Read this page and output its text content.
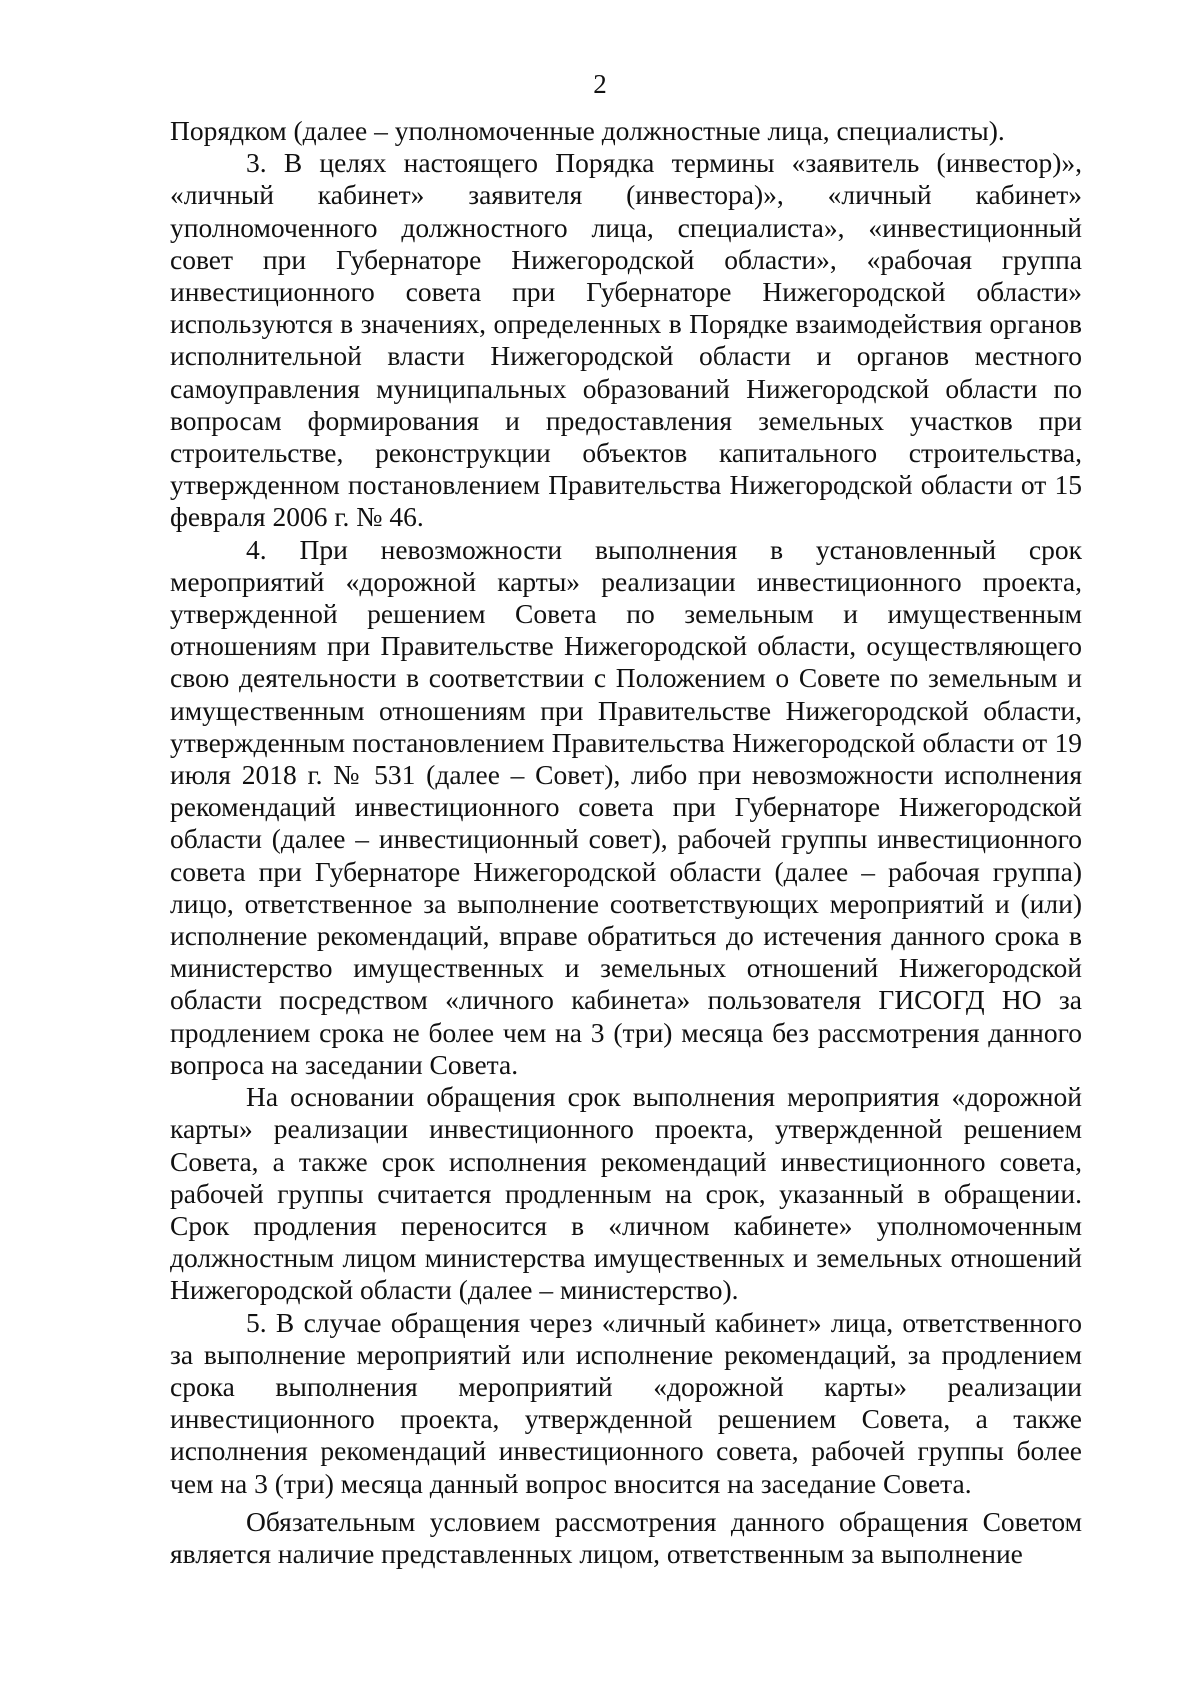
2

Порядком (далее – уполномоченные должностные лица, специалисты).

3. В целях настоящего Порядка термины «заявитель (инвестор)», «личный кабинет» заявителя (инвестора)», «личный кабинет» уполномоченного должностного лица, специалиста», «инвестиционный совет при Губернаторе Нижегородской области», «рабочая группа инвестиционного совета при Губернаторе Нижегородской области» используются в значениях, определенных в Порядке взаимодействия органов исполнительной власти Нижегородской области и органов местного самоуправления муниципальных образований Нижегородской области по вопросам формирования и предоставления земельных участков при строительстве, реконструкции объектов капитального строительства, утвержденном постановлением Правительства Нижегородской области от 15 февраля 2006 г. № 46.

4. При невозможности выполнения в установленный срок мероприятий «дорожной карты» реализации инвестиционного проекта, утвержденной решением Совета по земельным и имущественным отношениям при Правительстве Нижегородской области, осуществляющего свою деятельности в соответствии с Положением о Совете по земельным и имущественным отношениям при Правительстве Нижегородской области, утвержденным постановлением Правительства Нижегородской области от 19 июля 2018 г. № 531 (далее – Совет), либо при невозможности исполнения рекомендаций инвестиционного совета при Губернаторе Нижегородской области (далее – инвестиционный совет), рабочей группы инвестиционного совета при Губернаторе Нижегородской области (далее – рабочая группа) лицо, ответственное за выполнение соответствующих мероприятий и (или) исполнение рекомендаций, вправе обратиться до истечения данного срока в министерство имущественных и земельных отношений Нижегородской области посредством «личного кабинета» пользователя ГИСОГД НО за продлением срока не более чем на 3 (три) месяца без рассмотрения данного вопроса на заседании Совета.

На основании обращения срок выполнения мероприятия «дорожной карты» реализации инвестиционного проекта, утвержденной решением Совета, а также срок исполнения рекомендаций инвестиционного совета, рабочей группы считается продленным на срок, указанный в обращении. Срок продления переносится в «личном кабинете» уполномоченным должностным лицом министерства имущественных и земельных отношений Нижегородской области (далее – министерство).

5. В случае обращения через «личный кабинет» лица, ответственного за выполнение мероприятий или исполнение рекомендаций, за продлением срока выполнения мероприятий «дорожной карты» реализации инвестиционного проекта, утвержденной решением Совета, а также исполнения рекомендаций инвестиционного совета, рабочей группы более чем на 3 (три) месяца данный вопрос вносится на заседание Совета.

Обязательным условием рассмотрения данного обращения Советом является наличие представленных лицом, ответственным за выполнение
